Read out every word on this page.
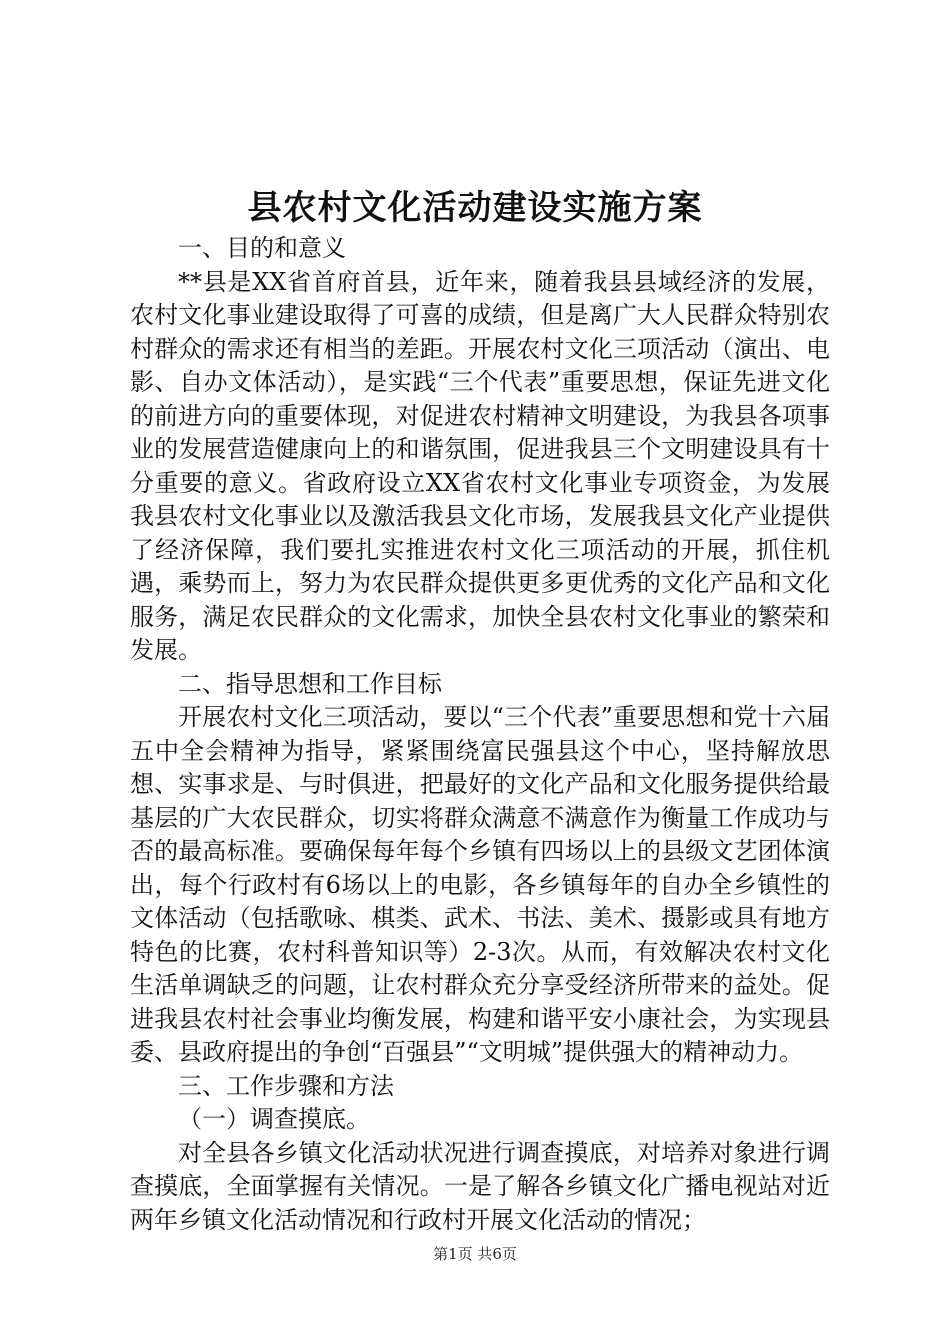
县农村文化活动建设实施方案

一、目的和意义

**县是XX省首府首县，近年来，随着我县县域经济的发展，农村文化事业建设取得了可喜的成绩，但是离广大人民群众特别农村群众的需求还有相当的差距。开展农村文化三项活动（演出、电影、自办文体活动），是实践“三个代表”重要思想，保证先进文化的前进方向的重要体现，对促进农村精神文明建设，为我县各项事业的发展营造健康向上的和谐氛围，促进我县三个文明建设具有十分重要的意义。省政府设立XX省农村文化事业专项资金，为发展我县农村文化事业以及激活我县文化市场，发展我县文化产业提供了经济保障，我们要扎实推进农村文化三项活动的开展，抓住机遇，乘势而上，努力为农民群众提供更多更优秀的文化产品和文化服务，满足农民群众的文化需求，加快全县农村文化事业的繁荣和发展。

二、指导思想和工作目标

开展农村文化三项活动，要以“三个代表”重要思想和党十六届五中全会精神为指导，紧紧围绕富民强县这个中心，坚持解放思想、实事求是、与时俱进，把最好的文化产品和文化服务提供给最基层的广大农民群众，切实将群众满意不满意作为衡量工作成功与否的最高标准。要确保每年每个乡镇有四场以上的县级文艺团体演出，每个行政村有6场以上的电影，各乡镇每年的自办全乡镇性的文体活动（包括歌咏、棋类、武术、书法、美术、摄影或具有地方特色的比赛，农村科普知识等）2-3次。从而，有效解决农村文化生活单调缺乏的问题，让农村群众充分享受经济所带来的益处。促进我县农村社会事业均衡发展，构建和谐平安小康社会，为实现县委、县政府提出的争创“百强县”“文明城”提供强大的精神动力。

三、工作步骤和方法

（一）调查摸底。

对全县各乡镇文化活动状况进行调查摸底，对培养对象进行调查摸底，全面掌握有关情况。一是了解各乡镇文化广播电视站对近两年乡镇文化活动情况和行政村开展文化活动的情况；

第1页 共6页
